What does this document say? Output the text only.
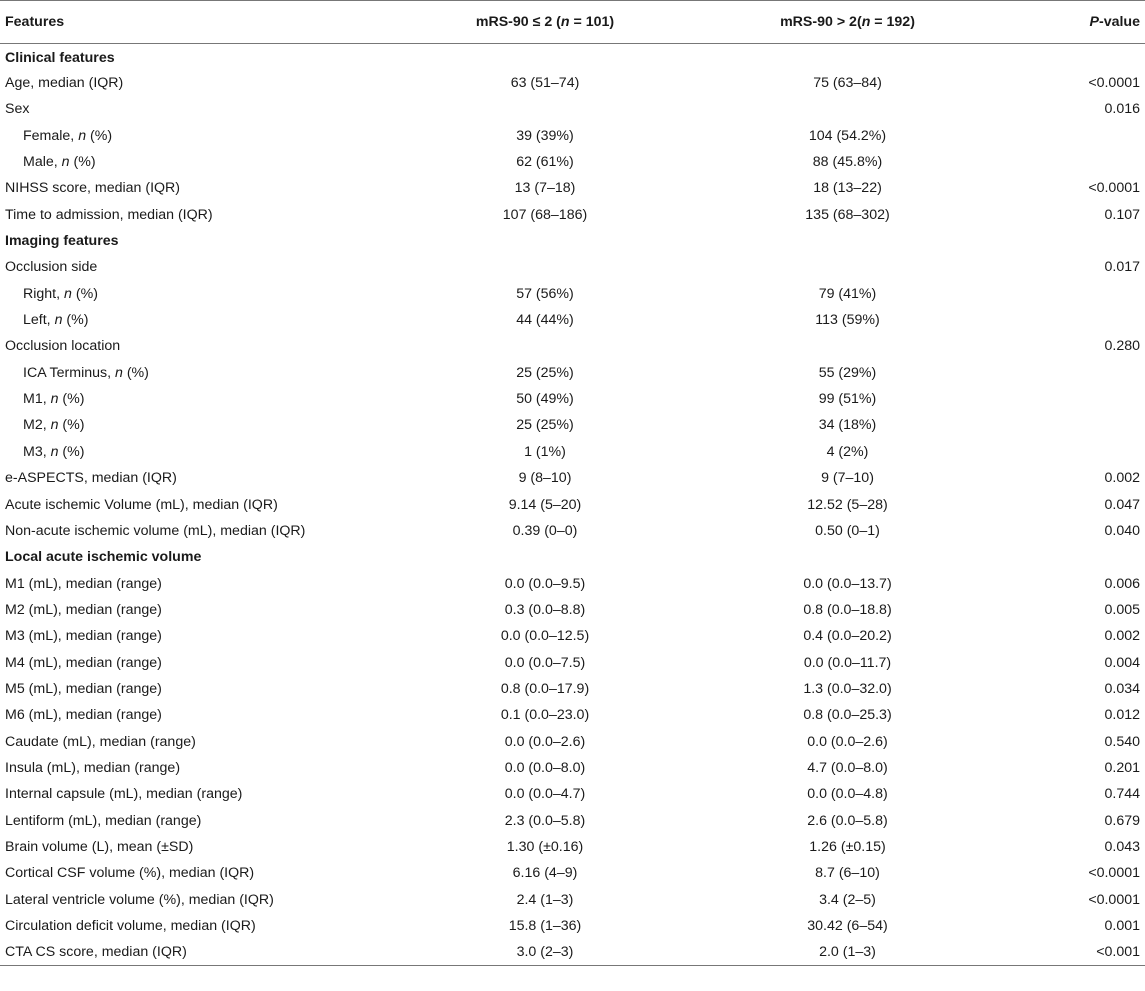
Features	mRS-90 ≤ 2 (n = 101)	mRS-90 > 2(n = 192)	P-value
Clinical features			
Age, median (IQR)	63 (51–74)	75 (63–84)	<0.0001
Sex			0.016
Female, n (%)	39 (39%)	104 (54.2%)	
Male, n (%)	62 (61%)	88 (45.8%)	
NIHSS score, median (IQR)	13 (7–18)	18 (13–22)	<0.0001
Time to admission, median (IQR)	107 (68–186)	135 (68–302)	0.107
Imaging features			
Occlusion side			0.017
Right, n (%)	57 (56%)	79 (41%)	
Left, n (%)	44 (44%)	113 (59%)	
Occlusion location			0.280
ICA Terminus, n (%)	25 (25%)	55 (29%)	
M1, n (%)	50 (49%)	99 (51%)	
M2, n (%)	25 (25%)	34 (18%)	
M3, n (%)	1 (1%)	4 (2%)	
e-ASPECTS, median (IQR)	9 (8–10)	9 (7–10)	0.002
Acute ischemic Volume (mL), median (IQR)	9.14 (5–20)	12.52 (5–28)	0.047
Non-acute ischemic volume (mL), median (IQR)	0.39 (0–0)	0.50 (0–1)	0.040
Local acute ischemic volume			
M1 (mL), median (range)	0.0 (0.0–9.5)	0.0 (0.0–13.7)	0.006
M2 (mL), median (range)	0.3 (0.0–8.8)	0.8 (0.0–18.8)	0.005
M3 (mL), median (range)	0.0 (0.0–12.5)	0.4 (0.0–20.2)	0.002
M4 (mL), median (range)	0.0 (0.0–7.5)	0.0 (0.0–11.7)	0.004
M5 (mL), median (range)	0.8 (0.0–17.9)	1.3 (0.0–32.0)	0.034
M6 (mL), median (range)	0.1 (0.0–23.0)	0.8 (0.0–25.3)	0.012
Caudate (mL), median (range)	0.0 (0.0–2.6)	0.0 (0.0–2.6)	0.540
Insula (mL), median (range)	0.0 (0.0–8.0)	4.7 (0.0–8.0)	0.201
Internal capsule (mL), median (range)	0.0 (0.0–4.7)	0.0 (0.0–4.8)	0.744
Lentiform (mL), median (range)	2.3 (0.0–5.8)	2.6 (0.0–5.8)	0.679
Brain volume (L), mean (±SD)	1.30 (±0.16)	1.26 (±0.15)	0.043
Cortical CSF volume (%), median (IQR)	6.16 (4–9)	8.7 (6–10)	<0.0001
Lateral ventricle volume (%), median (IQR)	2.4 (1–3)	3.4 (2–5)	<0.0001
Circulation deficit volume, median (IQR)	15.8 (1–36)	30.42 (6–54)	0.001
CTA CS score, median (IQR)	3.0 (2–3)	2.0 (1–3)	<0.001
